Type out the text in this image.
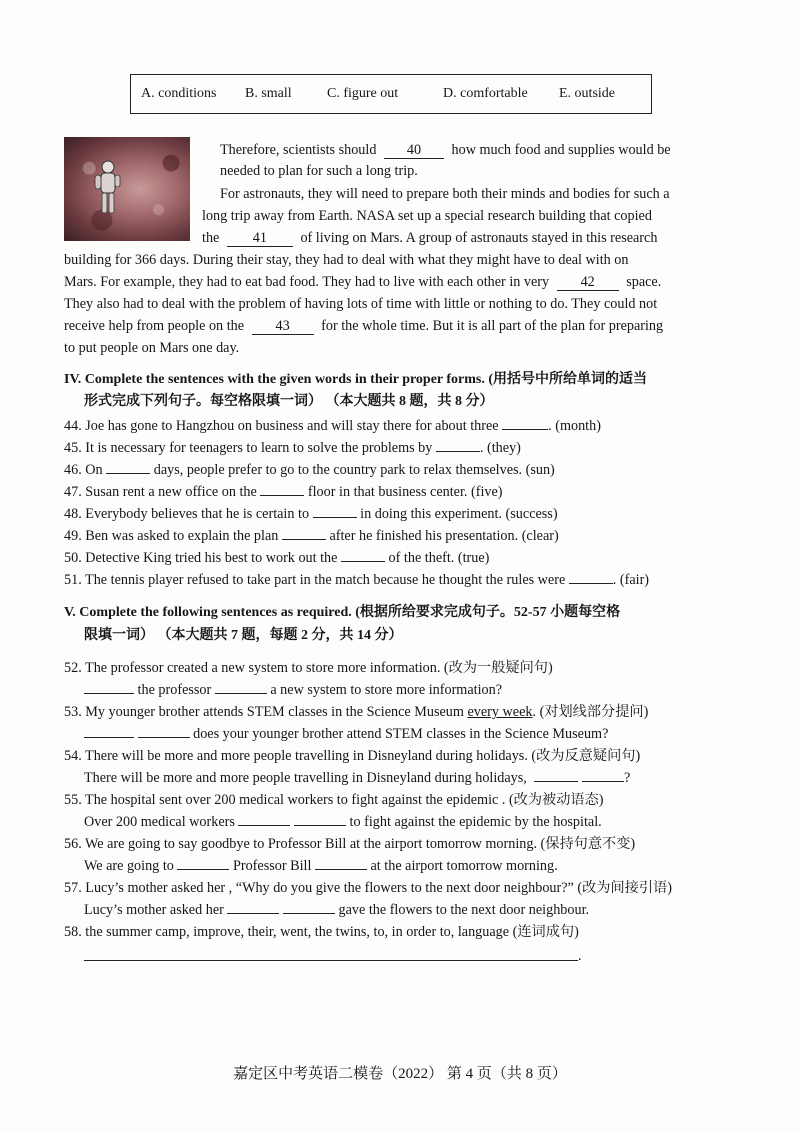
A. conditions B. small	C. figure out	D. comfortable E. outside
Therefore, scientists should 40 how much food and supplies would be
needed to plan for such a long trip.
For astronauts, they will need to prepare both their minds and bodies for such a
long trip away from Earth. NASA set up a special research building that copied
the 41 of living on Mars. A group of astronauts stayed in this research
building for 366 days. During their stay, they had to deal with what they might have to deal with on
Mars. For example, they had to eat bad food. They had to live with each other in very 42 space.
They also had to deal with the problem of having lots of time with little or nothing to do. They could not
receive help from people on the 43 for the whole time. But it is all part of the plan for preparing
to put people on Mars one day.
IV. Complete the sentences with the given words in their proper forms. (用括号中所给单词的适当
形式完成下列句子。每空格限填一词） （本大题共 8 题，共 8 分）
44. Joe has gone to Hangzhou on business and will stay there for about three	. (month)
45. It is necessary for teenagers to learn to solve the problems by	. (they)
46. On	days, people prefer to go to the country park to relax themselves. (sun)
47. Susan rent a new office on the	floor in that business center. (five)
48. Everybody believes that he is certain to	in doing this experiment. (success)
49. Ben was asked to explain the plan	after he finished his presentation. (clear)
50. Detective King tried his best to work out the	of the theft. (true)
51. The tennis player refused to take part in the match because he thought the rules were	. (fair)
V. Complete the following sentences as required. (根据所给要求完成句子。52-57 小题每空格
限填一词） （本大题共 7 题，每题 2 分，共 14 分）
52. The professor created a new system to store more information. (改为一般疑问句)
the professor	a new system to store more information?
53. My younger brother attends STEM classes in the Science Museum every week. (对划线部分提问)
does your younger brother attend STEM classes in the Science Museum?
54. There will be more and more people travelling in Disneyland during holidays. (改为反意疑问句)
There will be more and more people travelling in Disneyland during holidays,	?
55. The hospital sent over 200 medical workers to fight against the epidemic . (改为被动语态)
Over 200 medical workers	to fight against the epidemic by the hospital.
56. We are going to say goodbye to Professor Bill at the airport tomorrow morning. (保持句意不变)
We are going to	Professor Bill	at the airport tomorrow morning.
57. Lucy’s mother asked her , “Why do you give the flowers to the next door neighbour?” (改为间接引语)
Lucy’s mother asked her	gave the flowers to the next door neighbour.
58. the summer camp, improve, their, went, the twins, to, in order to, language (连词成句)
.
嘉定区中考英语二模卷（2022） 第 4 页（共 8 页）
